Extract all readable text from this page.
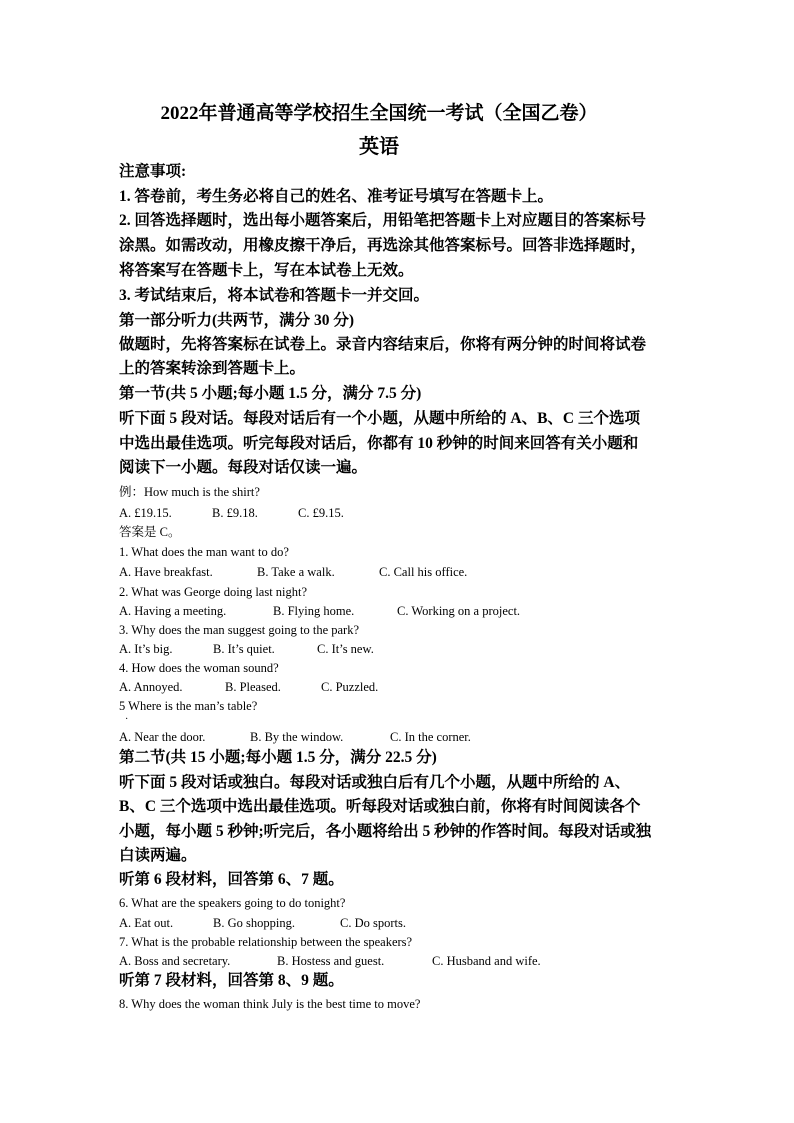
2022年普通高等学校招生全国统一考试（全国乙卷）
英语
注意事项:
1. 答卷前，考生务必将自己的姓名、准考证号填写在答题卡上。
2. 回答选择题时，选出每小题答案后，用铅笔把答题卡上对应题目的答案标号
涂黑。如需改动，用橡皮擦干净后，再选涂其他答案标号。回答非选择题时，
将答案写在答题卡上，写在本试卷上无效。
3. 考试结束后，将本试卷和答题卡一并交回。
第一部分听力(共两节，满分 30 分)
做题时，先将答案标在试卷上。录音内容结束后，你将有两分钟的时间将试卷
上的答案转涂到答题卡上。
第一节(共 5 小题;每小题 1.5 分，满分 7.5 分)
听下面 5 段对话。每段对话后有一个小题，从题中所给的 A、B、C 三个选项
中选出最佳选项。听完每段对话后，你都有 10 秒钟的时间来回答有关小题和
阅读下一小题。每段对话仅读一遍。
例：How much is the shirt?
A. £19.15.	B. £9.18.	C. £9.15.
答案是 C。
1. What does the man want to do?
A. Have breakfast.	B. Take a walk.	C. Call his office.
2. What was George doing last night?
A. Having a meeting.	B. Flying home.	C. Working on a project.
3. Why does the man suggest going to the park?
A. It’s big.	B. It’s quiet.	C. It’s new.
4. How does the woman sound?
A. Annoyed.	B. Pleased.	C. Puzzled.
5 Where is the man’s table?
·
A. Near the door.	B. By the window.	C. In the corner.
第二节(共 15 小题;每小题 1.5 分，满分 22.5 分)
听下面 5 段对话或独白。每段对话或独白后有几个小题，从题中所给的 A、
B、C 三个选项中选出最佳选项。听每段对话或独白前，你将有时间阅读各个
小题，每小题 5 秒钟;听完后，各小题将给出 5 秒钟的作答时间。每段对话或独
白读两遍。
听第 6 段材料，回答第 6、7 题。
6. What are the speakers going to do tonight?
A. Eat out.	B. Go shopping.	C. Do sports.
7. What is the probable relationship between the speakers?
A. Boss and secretary.	B. Hostess and guest.	C. Husband and wife.
听第 7 段材料，回答第 8、9 题。
8. Why does the woman think July is the best time to move?
